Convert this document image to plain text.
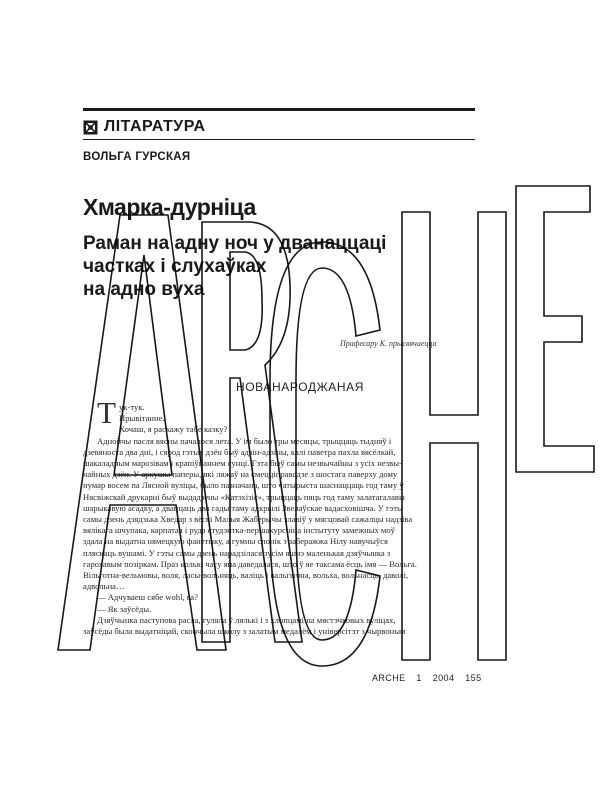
ЛІТАРАТУРА
ВОЛЬГА ГУРСКАЯ
Хмарка-дурніца
Раман на адну ноч у дванаццаці
частках і слухаўках
на адно вуха
Прафесару К. прысвячаецца
НОВАНАРОДЖАНАЯ
Т ук-тук.

Прывітанне.

Хочаш, я раскажу табе казку?

Аднойчы пасля вясны пачалося лета. У ім было тры месяцы, трыццаць тыдняў і

дзевяноста два дні, і сярод гэтых дзён быў адзін-адзіны, калі паветра пахла вясёлкай,

шакаладным марозівам і крапіўнаннем сунці. Гэта быў самы незвычайны з усіх незвы-

чайных дзён. У аркушы паперы, які ляжаў на смецціправодзе з шостага паверху дому

нумар восем па Лясной вуліцы, было пазначана, што чатырыста шаснаццаць год таму ў

Нясвіжскай друкарні быў выдадзены «Катэхізіс», трыццаць пяць год таму залатагалавы

шарыкавую асадку, а дваццаць два гады таму адкрылі Звелаўскае вадасховішча. У гэты

самы дзень дзядзька Хведар з вёскі Малыя Жаберычы злавіў у мясцовай сажалцы надзіва

вялікага шчупака, карпатая і руда студэнтка-першакурсніца інстытуту замежных моў

здала на выдатна нямецкую фанетыку, а гумны слонік з заберажжа Нілу навучыўся

пляскаць вушамі. У гэты самы дзень нарадзілася зусім яшчэ маленькая дзяўчынка з

гарохавым позіркам. Праз колькі часу яна даведалася, што ў яе таксама ёсць імя — Вольга.

Вільготна-вельмовы, воля, ласы-вольняць, валіць і вальгычна, вольха, вольнасць, даволі,

адвольна…

— Адчуваеш сябе wohl, га?

— Як заўсёды.

Дзяўчынка паступова расла, гуляла ў лялькі і з хлопцамі па мястэчковых вуліцах,

заўсёды была выдатніцай, скончыла школу з залатым медалём і універсітэт з чырвоным

ARCHE 1 2004 155
